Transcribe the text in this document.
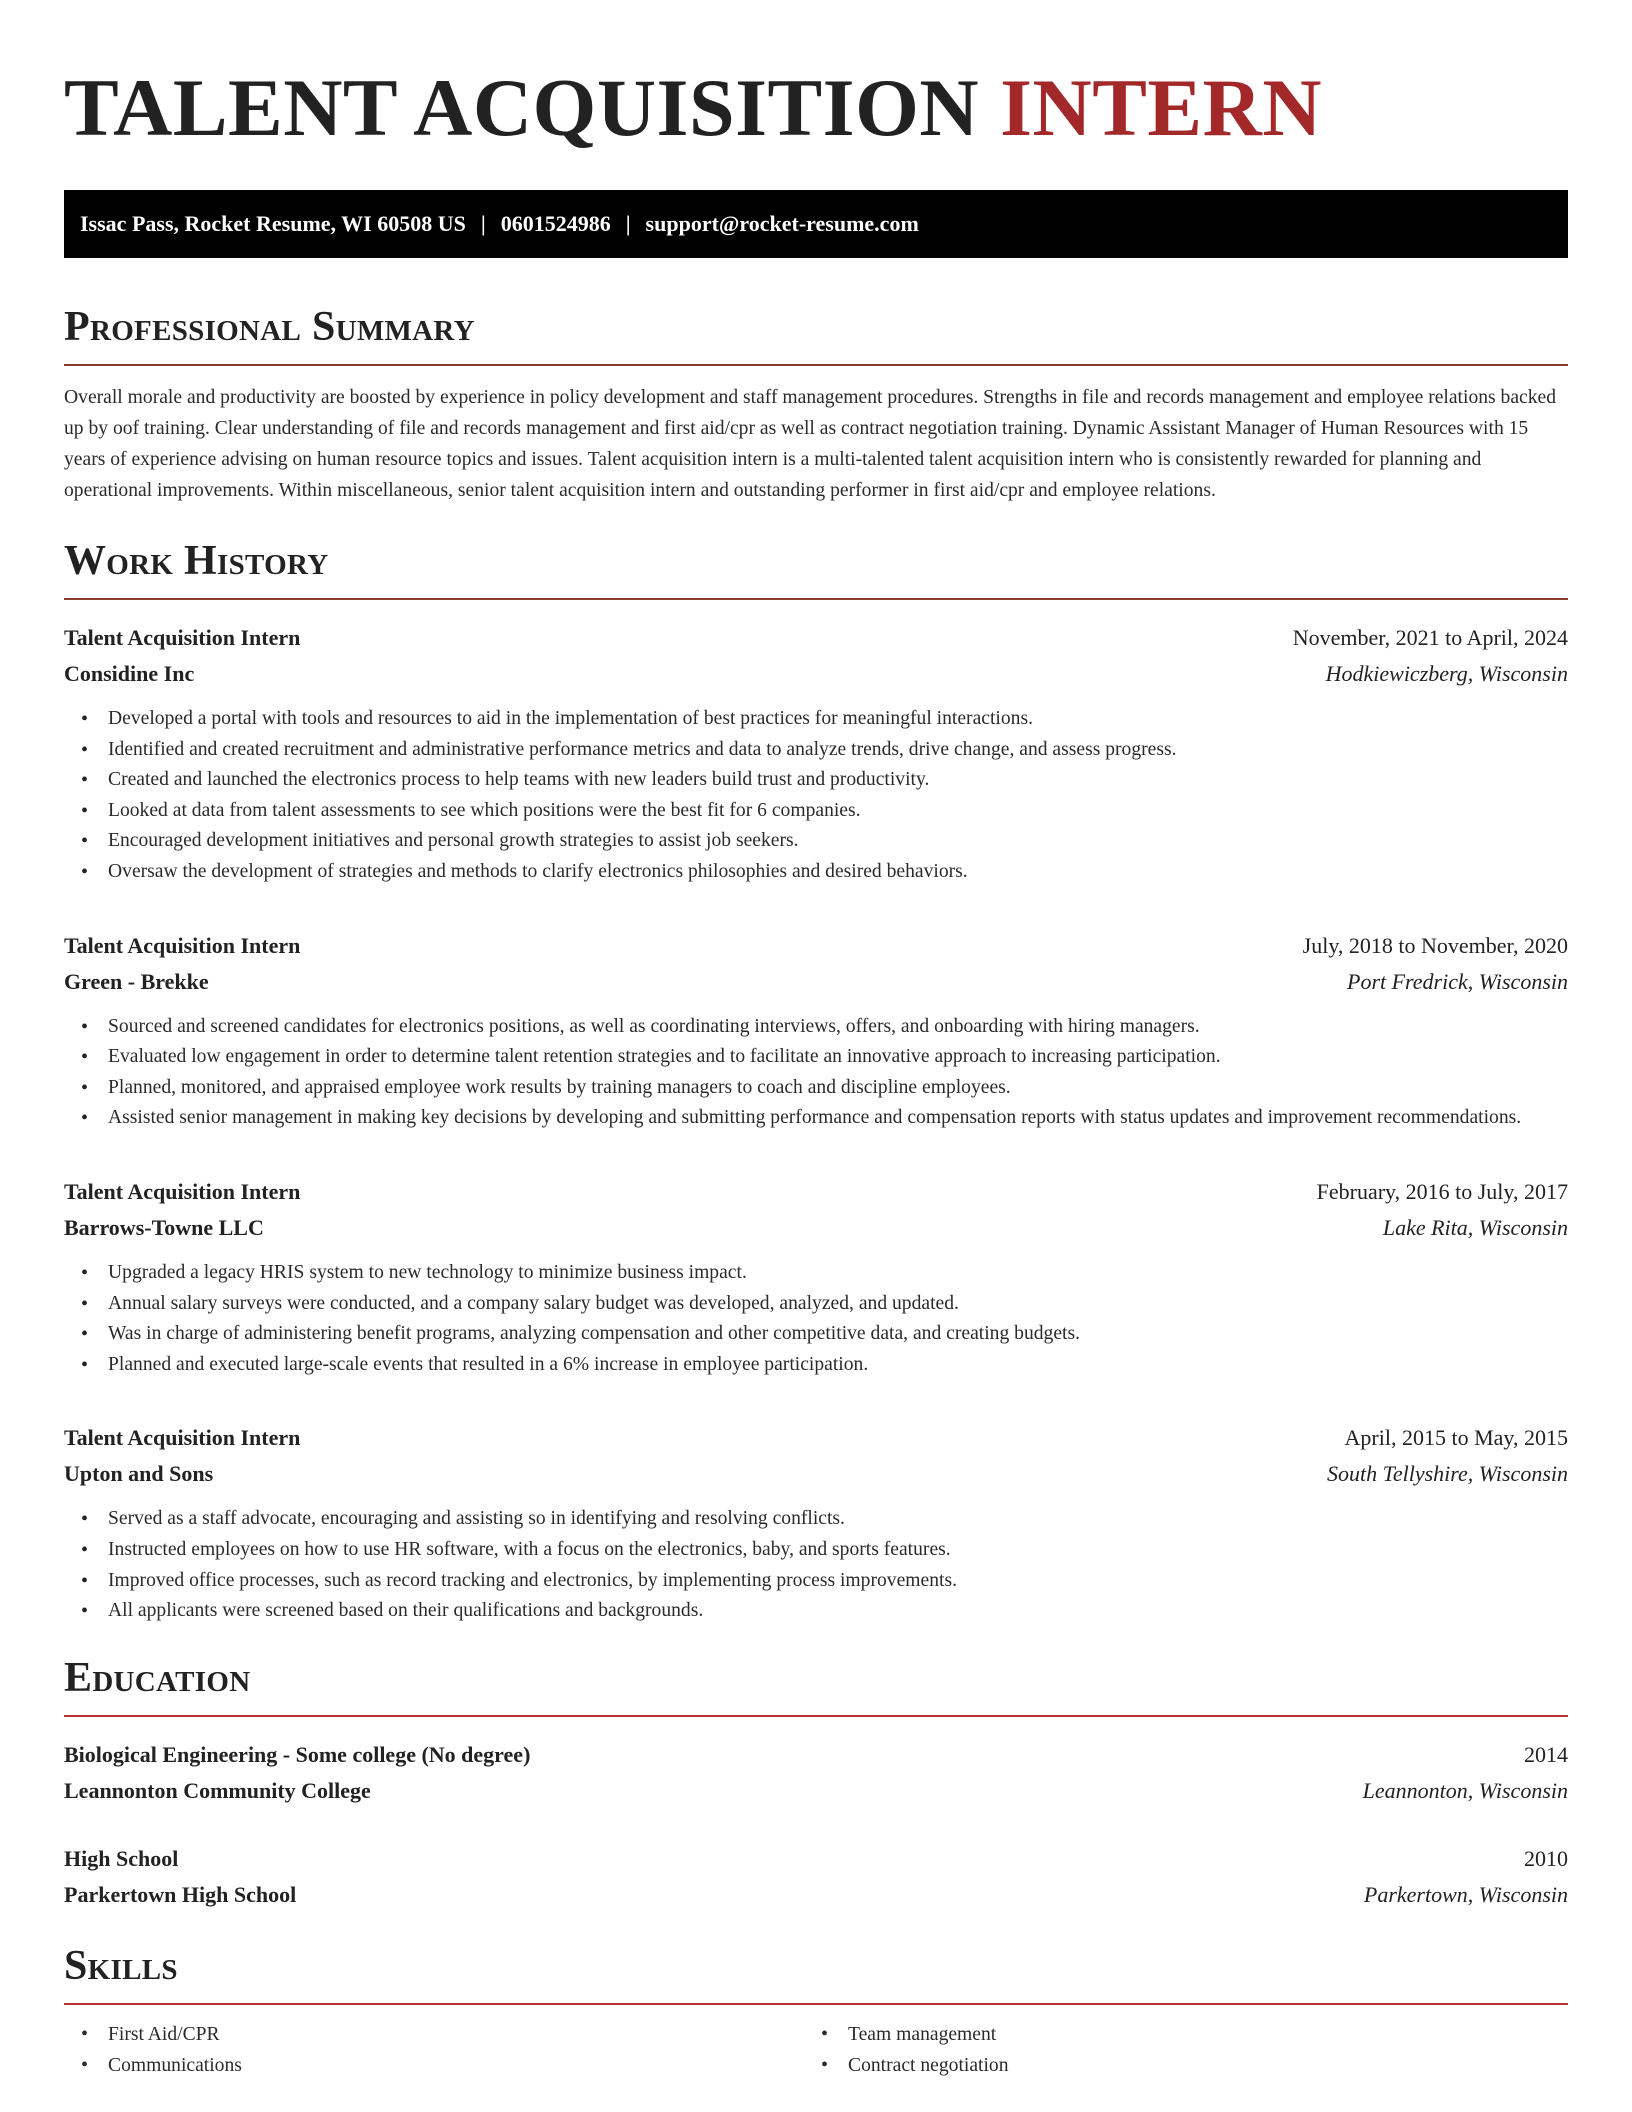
TALENT ACQUISITION INTERN
Issac Pass, Rocket Resume, WI 60508 US | 0601524986 | support@rocket-resume.com
Professional Summary

Overall morale and productivity are boosted by experience in policy development and staff management procedures. Strengths in file and records management and employee relations backed up by oof training. Clear understanding of file and records management and first aid/cpr as well as contract negotiation training. Dynamic Assistant Manager of Human Resources with 15 years of experience advising on human resource topics and issues. Talent acquisition intern is a multi-talented talent acquisition intern who is consistently rewarded for planning and operational improvements. Within miscellaneous, senior talent acquisition intern and outstanding performer in first aid/cpr and employee relations.

Work History
Talent Acquisition Intern	November, 2021 to April, 2024
Considine Inc	Hodkiewiczberg, Wisconsin
• Developed a portal with tools and resources to aid in the implementation of best practices for meaningful interactions.
• Identified and created recruitment and administrative performance metrics and data to analyze trends, drive change, and assess progress.
• Created and launched the electronics process to help teams with new leaders build trust and productivity.
• Looked at data from talent assessments to see which positions were the best fit for 6 companies.
• Encouraged development initiatives and personal growth strategies to assist job seekers.
• Oversaw the development of strategies and methods to clarify electronics philosophies and desired behaviors.
Talent Acquisition Intern	July, 2018 to November, 2020
Green - Brekke	Port Fredrick, Wisconsin
• Sourced and screened candidates for electronics positions, as well as coordinating interviews, offers, and onboarding with hiring managers.
• Evaluated low engagement in order to determine talent retention strategies and to facilitate an innovative approach to increasing participation.
• Planned, monitored, and appraised employee work results by training managers to coach and discipline employees.
• Assisted senior management in making key decisions by developing and submitting performance and compensation reports with status updates and improvement recommendations.
Talent Acquisition Intern	February, 2016 to July, 2017
Barrows-Towne LLC	Lake Rita, Wisconsin
• Upgraded a legacy HRIS system to new technology to minimize business impact.
• Annual salary surveys were conducted, and a company salary budget was developed, analyzed, and updated.
• Was in charge of administering benefit programs, analyzing compensation and other competitive data, and creating budgets.
• Planned and executed large-scale events that resulted in a 6% increase in employee participation.
Talent Acquisition Intern	April, 2015 to May, 2015
Upton and Sons	South Tellyshire, Wisconsin
• Served as a staff advocate, encouraging and assisting so in identifying and resolving conflicts.
• Instructed employees on how to use HR software, with a focus on the electronics, baby, and sports features.
• Improved office processes, such as record tracking and electronics, by implementing process improvements.
• All applicants were screened based on their qualifications and backgrounds.
Education
Biological Engineering - Some college (No degree)	2014
Leannonton Community College	Leannonton, Wisconsin
High School	2010
Parkertown High School	Parkertown, Wisconsin
Skills
• First Aid/CPR
• Communications
• Team management
• Contract negotiation
